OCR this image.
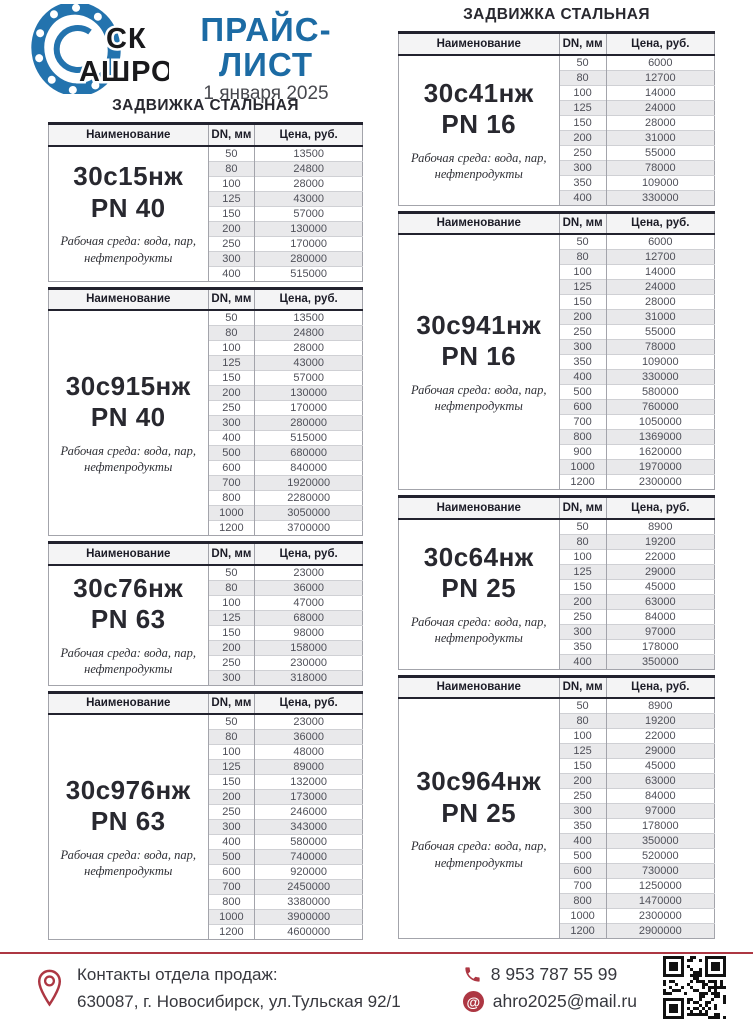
СК
АШРО
ПРАЙС-ЛИСТ
1 января 2025
ЗАДВИЖКА СТАЛЬНАЯ
Наименование	DN, мм	Цена, руб.

30с15нж
PN 40
Рабочая среда: вода, пар, нефтепродукты	50	13500
	80	24800
	100	28000
	125	43000
	150	57000
	200	130000
	250	170000
	300	280000
	400	515000
Наименование	DN, мм	Цена, руб.

30с915нж
PN 40
Рабочая среда: вода, пар, нефтепродукты	50	13500
	80	24800
	100	28000
	125	43000
	150	57000
	200	130000
	250	170000
	300	280000
	400	515000
	500	680000
	600	840000
	700	1920000
	800	2280000
	1000	3050000
	1200	3700000
Наименование	DN, мм	Цена, руб.

30с76нж
PN 63
Рабочая среда: вода, пар, нефтепродукты	50	23000
	80	36000
	100	47000
	125	68000
	150	98000
	200	158000
	250	230000
	300	318000
Наименование	DN, мм	Цена, руб.

30с976нж
PN 63
Рабочая среда: вода, пар, нефтепродукты	50	23000
	80	36000
	100	48000
	125	89000
	150	132000
	200	173000
	250	246000
	300	343000
	400	580000
	500	740000
	600	920000
	700	2450000
	800	3380000
	1000	3900000
	1200	4600000
ЗАДВИЖКА СТАЛЬНАЯ
Наименование	DN, мм	Цена, руб.

30с41нж
PN 16
Рабочая среда: вода, пар, нефтепродукты	50	6000
	80	12700
	100	14000
	125	24000
	150	28000
	200	31000
	250	55000
	300	78000
	350	109000
	400	330000
Наименование	DN, мм	Цена, руб.

30с941нж
PN 16
Рабочая среда: вода, пар, нефтепродукты	50	6000
	80	12700
	100	14000
	125	24000
	150	28000
	200	31000
	250	55000
	300	78000
	350	109000
	400	330000
	500	580000
	600	760000
	700	1050000
	800	1369000
	900	1620000
	1000	1970000
	1200	2300000
Наименование	DN, мм	Цена, руб.

30с64нж
PN 25
Рабочая среда: вода, пар, нефтепродукты	50	8900
	80	19200
	100	22000
	125	29000
	150	45000
	200	63000
	250	84000
	300	97000
	350	178000
	400	350000
Наименование	DN, мм	Цена, руб.

30с964нж
PN 25
Рабочая среда: вода, пар, нефтепродукты	50	8900
	80	19200
	100	22000
	125	29000
	150	45000
	200	63000
	250	84000
	300	97000
	350	178000
	400	350000
	500	520000
	600	730000
	700	1250000
	800	1470000
	1000	2300000
	1200	2900000
Контакты отдела продаж:
630087, г. Новосибирск, ул.Тульская 92/1
8 953 787 55 99
@ ahro2025@mail.ru
